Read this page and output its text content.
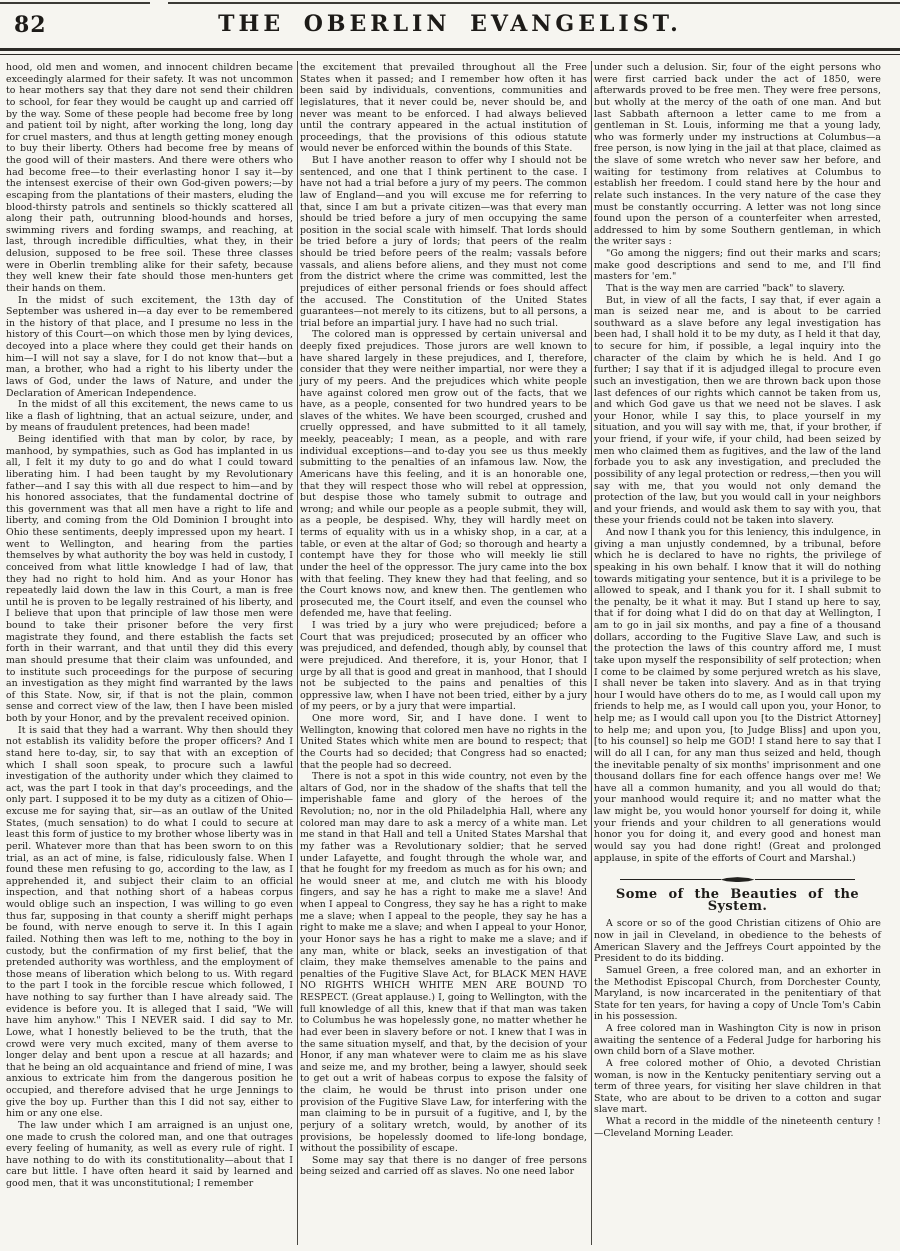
82	THE OBERLIN EVANGELIST.

hood, old men and women, and innocent children became exceedingly alarmed for their safety. It was not uncommon to hear mothers say that they dare not send their children to school, for fear they would be caught up and carried off by the way. Some of these people had become free by long and patient toil by night, after working the long, long day for cruel masters, and thus at length getting money enough to buy their liberty. Others had become free by means of the good will of their masters. And there were others who had become free—to their everlasting honor I say it—by the intensest exercise of their own God-given powers;—by escaping from the plantations of their masters, eluding the blood-thirsty patrols and sentinels so thickly scattered all along their path, outrunning blood-hounds and horses, swimming rivers and fording swamps, and reaching, at last, through incredible difficulties, what they, in their delusion, supposed to be free soil. These three classes were in Oberlin trembling alike for their safety, because they well knew their fate should those men-hunters get their hands on them.

In the midst of such excitement, the 13th day of September was ushered in—a day ever to be remembered in the history of that place, and I presume no less in the history of this Court—on which those men by lying devices, decoyed into a place where they could get their hands on him—I will not say a slave, for I do not know that—but a man, a brother, who had a right to his liberty under the laws of God, under the laws of Nature, and under the Declaration of American Independence.

In the midst of all this excitement, the news came to us like a flash of lightning, that an actual seizure, under, and by means of fraudulent pretences, had been made!

Being identified with that man by color, by race, by manhood, by sympathies, such as God has implanted in us all, I felt it my duty to go and do what I could toward liberating him. I had been taught by my Revolutionary father—and I say this with all due respect to him—and by his honored associates, that the fundamental doctrine of this government was that all men have a right to life and liberty, and coming from the Old Dominion I brought into Ohio these sentiments, deeply impressed upon my heart. I went to Wellington, and hearing from the parties themselves by what authority the boy was held in custody, I conceived from what little knowledge I had of law, that they had no right to hold him. And as your Honor has repeatedly laid down the law in this Court, a man is free until he is proven to be legally restrained of his liberty, and I believe that upon that principle of law those men were bound to take their prisoner before the very first magistrate they found, and there establish the facts set forth in their warrant, and that until they did this every man should presume that their claim was unfounded, and to institute such proceedings for the purpose of securing an investigation as they might find warranted by the laws of this State. Now, sir, if that is not the plain, common sense and correct view of the law, then I have been misled both by your Honor, and by the prevalent received opinion.

It is said that they had a warrant. Why then should they not establish its validity before the proper officers? And I stand here to-day, sir, to say that with an exception of which I shall soon speak, to procure such a lawful investigation of the authority under which they claimed to act, was the part I took in that day's proceedings, and the only part. I supposed it to be my duty as a citizen of Ohio—excuse me for saying that, sir—as an outlaw of the United States, (much sensation) to do what I could to secure at least this form of justice to my brother whose liberty was in peril. Whatever more than that has been sworn to on this trial, as an act of mine, is false, ridiculously false. When I found these men refusing to go, according to the law, as I apprehended it, and subject their claim to an official inspection, and that nothing short of a habeas corpus would oblige such an inspection, I was willing to go even thus far, supposing in that county a sheriff might perhaps be found, with nerve enough to serve it. In this I again failed. Nothing then was left to me, nothing to the boy in custody, but the confirmation of my first belief, that the pretended authority was worthless, and the employment of those means of liberation which belong to us. With regard to the part I took in the forcible rescue which followed, I have nothing to say further than I have already said. The evidence is before you. It is alleged that I said, "We will have him anyhow." This I NEVER said. I did say to Mr. Lowe, what I honestly believed to be the truth, that the crowd were very much excited, many of them averse to longer delay and bent upon a rescue at all hazards; and that he being an old acquaintance and friend of mine, I was anxious to extricate him from the dangerous position he occupied, and therefore advised that he urge Jennings to give the boy up. Further than this I did not say, either to him or any one else.

The law under which I am arraigned is an unjust one, one made to crush the colored man, and one that outrages every feeling of humanity, as well as every rule of right. I have nothing to do with its constitutionality—about that I care but little. I have often heard it said by learned and good men, that it was unconstitutional; I remember

the excitement that prevailed throughout all the Free States when it passed; and I remember how often it has been said by individuals, conventions, communities and legislatures, that it never could be, never should be, and never was meant to be enforced. I had always believed until the contrary appeared in the actual institution of proceedings, that the provisions of this odious statute would never be enforced within the bounds of this State.

But I have another reason to offer why I should not be sentenced, and one that I think pertinent to the case. I have not had a trial before a jury of my peers. The common law of England—and you will excuse me for referring to that, since I am but a private citizen—was that every man should be tried before a jury of men occupying the same position in the social scale with himself. That lords should be tried before a jury of lords; that peers of the realm should be tried before peers of the realm; vassals before vassals, and aliens before aliens, and they must not come from the district where the crime was committed, lest the prejudices of either personal friends or foes should affect the accused. The Constitution of the United States guarantees—not merely to its citizens, but to all persons, a trial before an impartial jury. I have had no such trial.

The colored man is oppressed by certain universal and deeply fixed prejudices. Those jurors are well known to have shared largely in these prejudices, and I, therefore, consider that they were neither impartial, nor were they a jury of my peers. And the prejudices which white people have against colored men grow out of the facts, that we have, as a people, consented for two hundred years to be slaves of the whites. We have been scourged, crushed and cruelly oppressed, and have submitted to it all tamely, meekly, peaceably; I mean, as a people, and with rare individual exceptions—and to-day you see us thus meekly submitting to the penalties of an infamous law. Now, the Americans have this feeling, and it is an honorable one, that they will respect those who will rebel at oppression, but despise those who tamely submit to outrage and wrong; and while our people as a people submit, they will, as a people, be despised. Why, they will hardly meet on terms of equality with us in a whisky shop, in a car, at a table, or even at the altar of God; so thorough and hearty a contempt have they for those who will meekly lie still under the heel of the oppressor. The jury came into the box with that feeling. They knew they had that feeling, and so the Court knows now, and knew then. The gentlemen who prosecuted me, the Court itself, and even the counsel who defended me, have that feeling.

I was tried by a jury who were prejudiced; before a Court that was prejudiced; prosecuted by an officer who was prejudiced, and defended, though ably, by counsel that were prejudiced. And therefore, it is, your Honor, that I urge by all that is good and great in manhood, that I should not be subjected to the pains and penalties of this oppressive law, when I have not been tried, either by a jury of my peers, or by a jury that were impartial.

One more word, Sir, and I have done. I went to Wellington, knowing that colored men have no rights in the United States which white men are bound to respect; that the Courts had so decided; that Congress had so enacted; that the people had so decreed.

There is not a spot in this wide country, not even by the altars of God, nor in the shadow of the shafts that tell the imperishable fame and glory of the heroes of the Revolution; no, nor in the old Philadelphia Hall, where any colored man may dare to ask a mercy of a white man. Let me stand in that Hall and tell a United States Marshal that my father was a Revolutionary soldier; that he served under Lafayette, and fought through the whole war, and that he fought for my freedom as much as for his own; and he would sneer at me, and clutch me with his bloody fingers, and say he has a right to make me a slave! And when I appeal to Congress, they say he has a right to make me a slave; when I appeal to the people, they say he has a right to make me a slave; and when I appeal to your Honor, your Honor says he has a right to make me a slave; and if any man, white or black, seeks an investigation of that claim, they make themselves amenable to the pains and penalties of the Fugitive Slave Act, for BLACK MEN HAVE NO RIGHTS WHICH WHITE MEN ARE BOUND TO RESPECT. (Great applause.) I, going to Wellington, with the full knowledge of all this, knew that if that man was taken to Columbus he was hopelessly gone, no matter whether he had ever been in slavery before or not. I knew that I was in the same situation myself, and that, by the decision of your Honor, if any man whatever were to claim me as his slave and seize me, and my brother, being a lawyer, should seek to get out a writ of habeas corpus to expose the falsity of the claim, he would be thrust into prison under one provision of the Fugitive Slave Law, for interfering with the man claiming to be in pursuit of a fugitive, and I, by the perjury of a solitary wretch, would, by another of its provisions, be hopelessly doomed to life-long bondage, without the possibility of escape.

Some may say that there is no danger of free persons being seized and carried off as slaves. No one need labor

under such a delusion. Sir, four of the eight persons who were first carried back under the act of 1850, were afterwards proved to be free men. They were free persons, but wholly at the mercy of the oath of one man. And but last Sabbath afternoon a letter came to me from a gentleman in St. Louis, informing me that a young lady, who was formerly under my instructions at Columbus—a free person, is now lying in the jail at that place, claimed as the slave of some wretch who never saw her before, and waiting for testimony from relatives at Columbus to establish her freedom. I could stand here by the hour and relate such instances. In the very nature of the case they must be constantly occurring. A letter was not long since found upon the person of a counterfeiter when arrested, addressed to him by some Southern gentleman, in which the writer says :

"Go among the niggers; find out their marks and scars; make good descriptions and send to me, and I'll find masters for 'em."

That is the way men are carried "back" to slavery.

But, in view of all the facts, I say that, if ever again a man is seized near me, and is about to be carried southward as a slave before any legal investigation has been had, I shall hold it to be my duty, as I held it that day, to secure for him, if possible, a legal inquiry into the character of the claim by which he is held. And I go further; I say that if it is adjudged illegal to procure even such an investigation, then we are thrown back upon those last defences of our rights which cannot be taken from us, and which God gave us that we need not be slaves. I ask your Honor, while I say this, to place yourself in my situation, and you will say with me, that, if your brother, if your friend, if your wife, if your child, had been seized by men who claimed them as fugitives, and the law of the land forbade you to ask any investigation, and precluded the possibility of any legal protection or redress,—then you will say with me, that you would not only demand the protection of the law, but you would call in your neighbors and your friends, and would ask them to say with you, that these your friends could not be taken into slavery.

And now I thank you for this leniency, this indulgence, in giving a man unjustly condemned, by a tribunal, before which he is declared to have no rights, the privilege of speaking in his own behalf. I know that it will do nothing towards mitigating your sentence, but it is a privilege to be allowed to speak, and I thank you for it. I shall submit to the penalty, be it what it may. But I stand up here to say, that if for doing what I did do on that day at Wellington, I am to go in jail six months, and pay a fine of a thousand dollars, according to the Fugitive Slave Law, and such is the protection the laws of this country afford me, I must take upon myself the responsibility of self protection; when I come to be claimed by some perjured wretch as his slave, I shall never be taken into slavery. And as in that trying hour I would have others do to me, as I would call upon my friends to help me, as I would call upon you, your Honor, to help me; as I would call upon you [to the District Attorney] to help me; and upon you, [to Judge Bliss] and upon you, [to his counsel] so help me GOD! I stand here to say that I will do all I can, for any man thus seized and held, though the inevitable penalty of six months' imprisonment and one thousand dollars fine for each offence hangs over me! We have all a common humanity, and you all would do that; your manhood would require it; and no matter what the law might be, you would honor yourself for doing it, while your friends and your children to all generations would honor you for doing it, and every good and honest man would say you had done right! (Great and prolonged applause, in spite of the efforts of Court and Marshal.)

Some of the Beauties of the System.

A score or so of the good Christian citizens of Ohio are now in jail in Cleveland, in obedience to the behests of American Slavery and the Jeffreys Court appointed by the President to do its bidding.

Samuel Green, a free colored man, and an exhorter in the Methodist Episcopal Church, from Dorchester County, Maryland, is now incarcerated in the penitentiary of that State for ten years, for having a copy of Uncle Tom's Cabin in his possession.

A free colored man in Washington City is now in prison awaiting the sentence of a Federal Judge for harboring his own child born of a Slave mother.

A free colored mother of Ohio, a devoted Christian woman, is now in the Kentucky penitentiary serving out a term of three years, for visiting her slave children in that State, who are about to be driven to a cotton and sugar slave mart.

What a record in the middle of the nineteenth century !—Cleveland Morning Leader.
